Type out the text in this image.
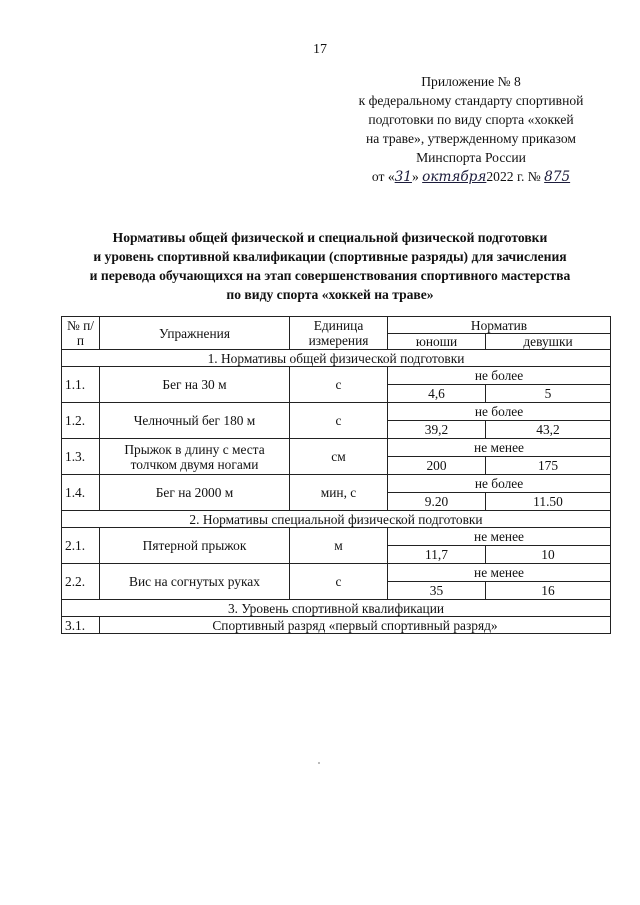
17
Приложение № 8
к федеральному стандарту спортивной
подготовки по виду спорта «хоккей
на траве», утвержденному приказом
Минспорта России
от «31» октября2022 г. № 875
Нормативы общей физической и специальной физической подготовки
и уровень спортивной квалификации (спортивные разряды) для зачисления
и перевода обучающихся на этап совершенствования спортивного мастерства
по виду спорта «хоккей на траве»
№ п/п	Упражнения	Единица измерения	Норматив	
			юноши	девушки
1. Нормативы общей физической подготовки				
1.1.	Бег на 30 м	с	не более	
			4,6	5
1.2.	Челночный бег 180 м	с	не более	
			39,2	43,2
1.3.	Прыжок в длину с места толчком двумя ногами	см	не менее	
			200	175
1.4.	Бег на 2000 м	мин, с	не более	
			9.20	11.50
2. Нормативы специальной физической подготовки				
2.1.	Пятерной прыжок	м	не менее	
			11,7	10
2.2.	Вис на согнутых руках	с	не менее	
			35	16
3. Уровень спортивной квалификации				
3.1.	Спортивный разряд «первый спортивный разряд»			
